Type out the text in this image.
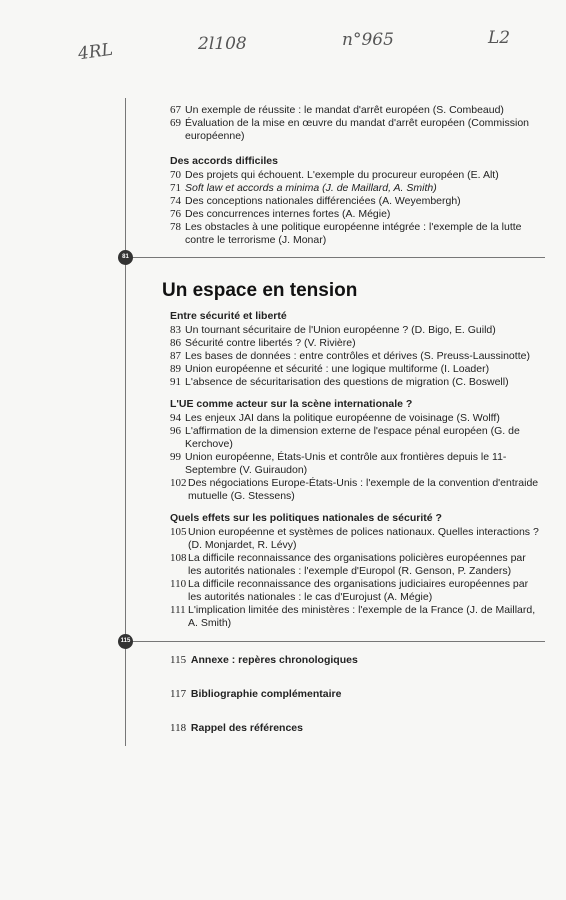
4RL	2l108	n°965	L2
81
115
67 Un exemple de réussite : le mandat d'arrêt européen (S. Combeaud)
69 Évaluation de la mise en œuvre du mandat d'arrêt européen (Commission européenne)
Des accords difficiles
70 Des projets qui échouent. L'exemple du procureur européen (E. Alt)
71 Soft law et accords a minima (J. de Maillard, A. Smith)
74 Des conceptions nationales différenciées (A. Weyembergh)
76 Des concurrences internes fortes (A. Mégie)
78 Les obstacles à une politique européenne intégrée : l'exemple de la lutte contre le terrorisme (J. Monar)
Un espace en tension
Entre sécurité et liberté
83 Un tournant sécuritaire de l'Union européenne ? (D. Bigo, E. Guild)
86 Sécurité contre libertés ? (V. Rivière)
87 Les bases de données : entre contrôles et dérives (S. Preuss-Laussinotte)
89 Union européenne et sécurité : une logique multiforme (I. Loader)
91 L'absence de sécuritarisation des questions de migration (C. Boswell)
L'UE comme acteur sur la scène internationale ?
94 Les enjeux JAI dans la politique européenne de voisinage (S. Wolff)
96 L'affirmation de la dimension externe de l'espace pénal européen (G. de Kerchove)
99 Union européenne, États-Unis et contrôle aux frontières depuis le 11-Septembre (V. Guiraudon)
102 Des négociations Europe-États-Unis : l'exemple de la convention d'entraide mutuelle (G. Stessens)
Quels effets sur les politiques nationales de sécurité ?
105 Union européenne et systèmes de polices nationaux. Quelles interactions ? (D. Monjardet, R. Lévy)
108 La difficile reconnaissance des organisations policières européennes par les autorités nationales : l'exemple d'Europol (R. Genson, P. Zanders)
110 La difficile reconnaissance des organisations judiciaires européennes par les autorités nationales : le cas d'Eurojust (A. Mégie)
111 L'implication limitée des ministères : l'exemple de la France (J. de Maillard, A. Smith)
115 Annexe : repères chronologiques
117 Bibliographie complémentaire
118 Rappel des références
